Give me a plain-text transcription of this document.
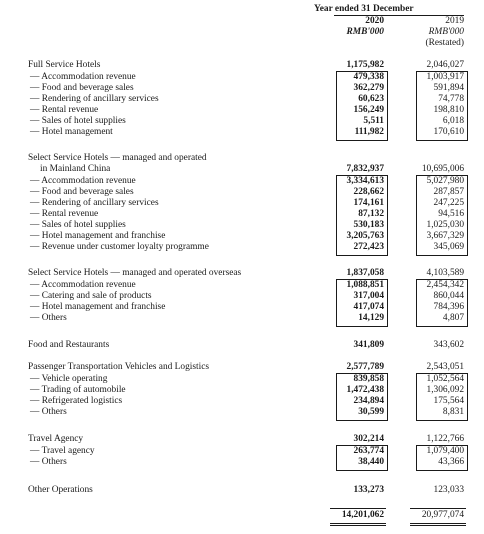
Year ended 31 December
2020	2019
RMB'000	RMB'000
(Restated)
Full Service Hotels	1,175,982	2,046,027
— Accommodation revenue	479,338	1,003,917
— Food and beverage sales	362,279	591,894
— Rendering of ancillary services	60,623	74,778
— Rental revenue	156,249	198,810
— Sales of hotel supplies	5,511	6,018
— Hotel management	111,982	170,610
Select Service Hotels — managed and operated
in Mainland China	7,832,937	10,695,006
— Accommodation revenue	3,334,613	5,027,980
— Food and beverage sales	228,662	287,857
— Rendering of ancillary services	174,161	247,225
— Rental revenue	87,132	94,516
— Sales of hotel supplies	530,183	1,025,030
— Hotel management and franchise	3,205,763	3,667,329
— Revenue under customer loyalty programme	272,423	345,069
Select Service Hotels — managed and operated overseas	1,837,058	4,103,589
— Accommodation revenue	1,088,851	2,454,342
— Catering and sale of products	317,004	860,044
— Hotel management and franchise	417,074	784,396
— Others	14,129	4,807
Food and Restaurants	341,809	343,602
Passenger Transportation Vehicles and Logistics	2,577,789	2,543,051
— Vehicle operating	839,858	1,052,564
— Trading of automobile	1,472,438	1,306,092
— Refrigerated logistics	234,894	175,564
— Others	30,599	8,831
Travel Agency	302,214	1,122,766
— Travel agency	263,774	1,079,400
— Others	38,440	43,366
Other Operations	133,273	123,033
14,201,062	20,977,074
